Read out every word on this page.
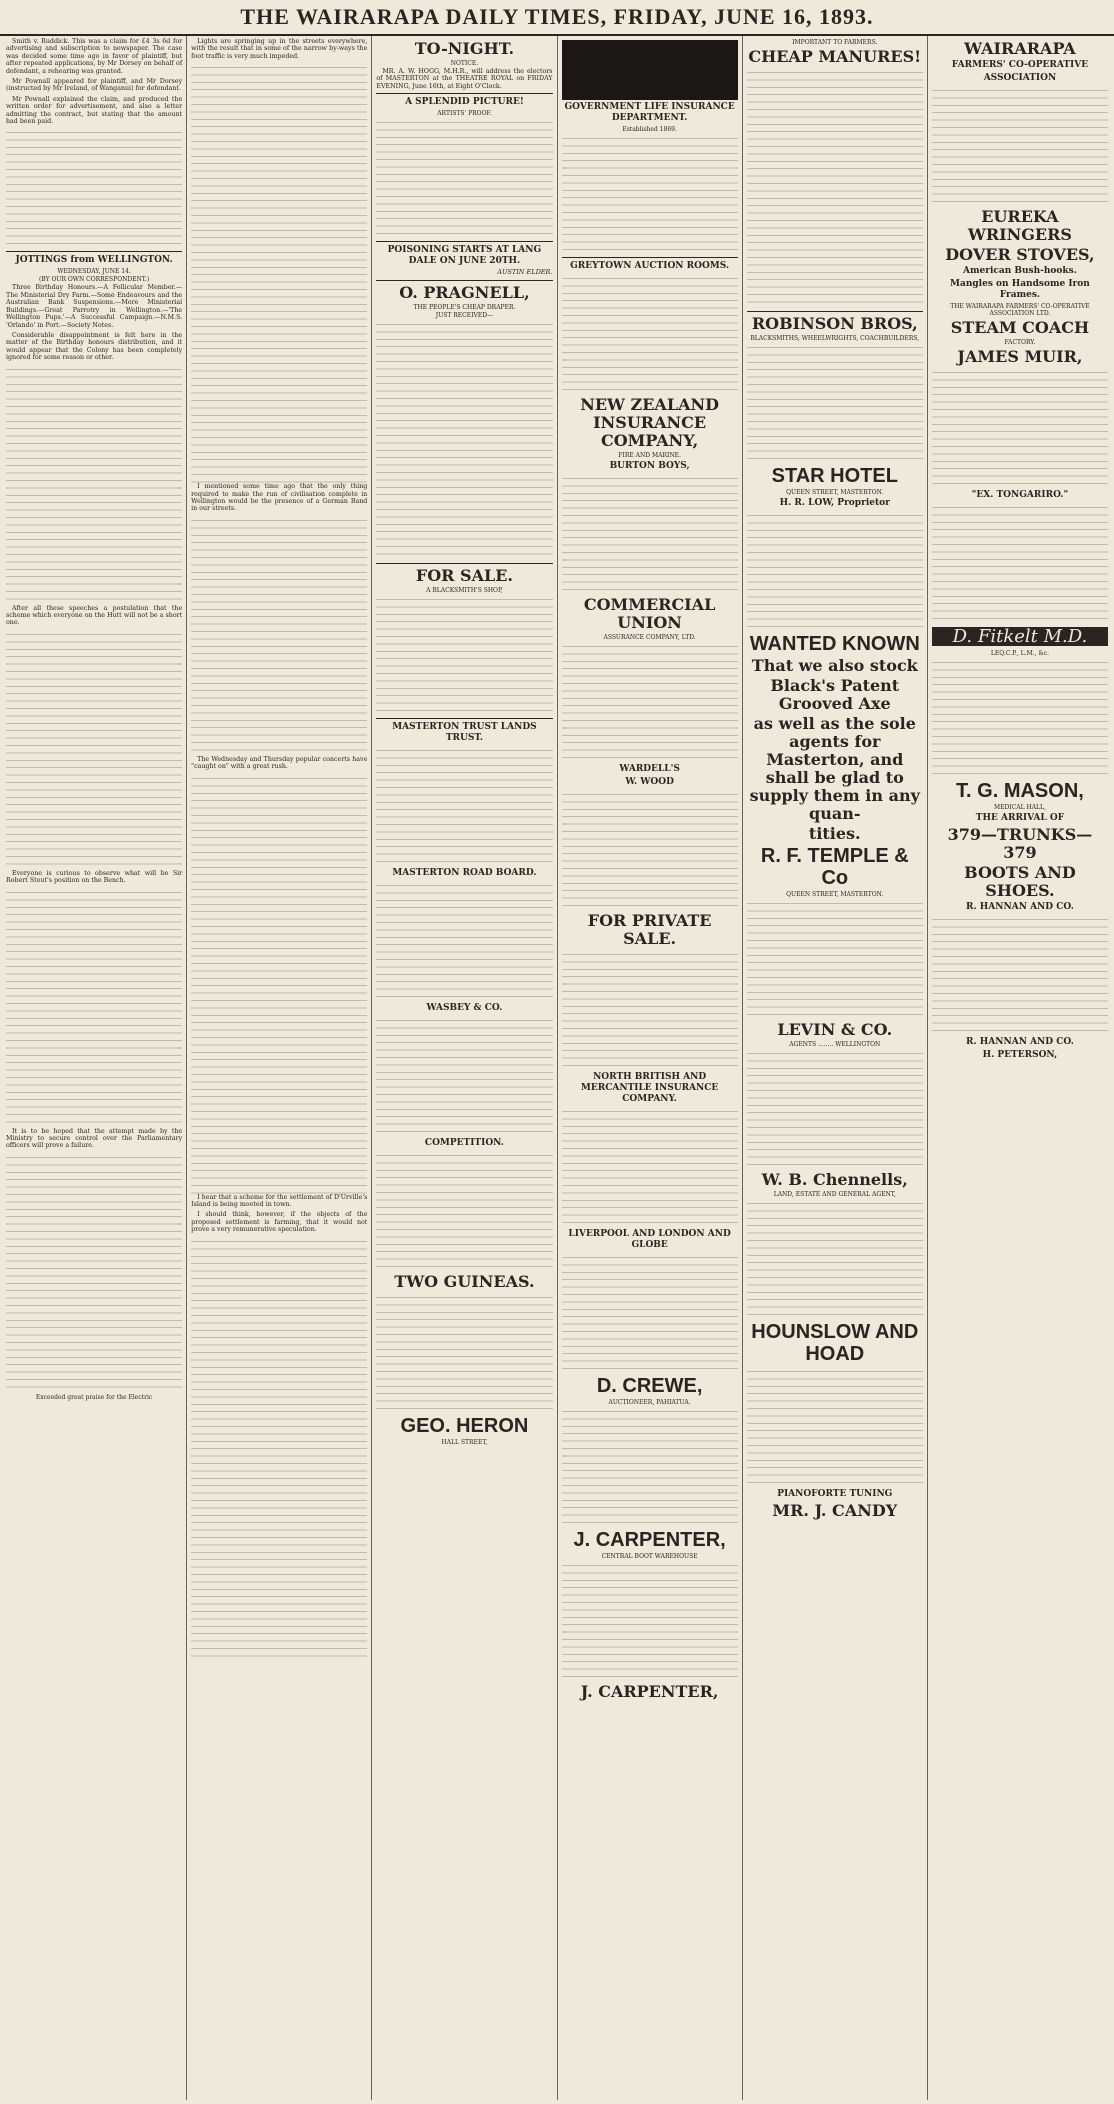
THE WAIRARAPA DAILY TIMES, FRIDAY, JUNE 16, 1893.

Smith v. Ruddick. This was a claim for £4 3s 6d for advertising and subscription to newspaper. The case was decided some time ago in favor of plaintiff, but after repeated applications, by Mr Dorsey on behalf of defendant, a rehearing was granted.

Mr Pownall appeared for plaintiff, and Mr Dorsey (instructed by Mr Ireland, of Wanganui) for defendant.

Mr Pownall explained the claim, and produced the written order for advertisement, and also a letter admitting the contract, but stating that the amount had been paid.

JOTTINGS from WELLINGTON.
WEDNESDAY, JUNE 14.
(BY OUR OWN CORRESPONDENT.)

Three Birthday Honours.—A Follicular Member.—The Ministerial Dry Farm.—Some Endeavours and the Australian Bank Suspensions.—More Ministerial Buildings.—Great Parrotry in Wellington.—'The Wellington Pups.'—A Successful Campaign.—N.M.S. 'Orlando' in Port.—Society Notes.

Considerable disappointment is felt here in the matter of the Birthday honours distribution, and it would appear that the Colony has been completely ignored for some reason or other.

After all these speeches a postulation that the scheme which everyone on the Hutt will not be a short one.

Everyone is curious to observe what will be Sir Robert Stout's position on the Bench.

It is to be hoped that the attempt made by the Ministry to secure control over the Parliamentary officers will prove a failure.

Exceeded great praise for the Electric

Lights are springing up in the streets everywhere, with the result that in some of the narrow by-ways the foot traffic is very much impeded.

I mentioned some time ago that the only thing required to make the run of civilisation complete in Wellington would be the presence of a German Band in our streets.

The Wednesday and Thursday popular concerts have "caught on" with a great rush.

I hear that a scheme for the settlement of D'Urville's Island is being mooted in town.

I should think, however, if the objects of the proposed settlement is farming, that it would not prove a very remunerative speculation.

TO-NIGHT.
NOTICE.

MR. A. W. HOGG, M.H.R., will address the electors of MASTERTON at the THEATRE ROYAL on FRIDAY EVENING, June 16th, at Eight O'Clock.

A SPLENDID PICTURE!
ARTISTS' PROOF.
POISONING STARTS AT LANG DALE ON JUNE 20TH.
AUSTIN ELDER.
O. PRAGNELL,
THE PEOPLE'S CHEAP DRAPER.
JUST RECEIVED—
FOR SALE.
A BLACKSMITH'S SHOP,
MASTERTON TRUST LANDS TRUST.
MASTERTON ROAD BOARD.
WASBEY & CO.
COMPETITION.
TWO GUINEAS.
GEO. HERON
HALL STREET,
GOVERNMENT LIFE INSURANCE DEPARTMENT.
Established 1869.
GREYTOWN AUCTION ROOMS.
NEW ZEALAND INSURANCE COMPANY,
FIRE AND MARINE.
BURTON BOYS,
COMMERCIAL UNION
ASSURANCE COMPANY, LTD.
WARDELL'S
W. WOOD
FOR PRIVATE SALE.
NORTH BRITISH AND MERCANTILE INSURANCE COMPANY.
LIVERPOOL AND LONDON AND GLOBE
D. CREWE,
AUCTIONEER, PAHIATUA.
J. CARPENTER,
CENTRAL BOOT WAREHOUSE
J. CARPENTER,
IMPORTANT TO FARMERS.
CHEAP MANURES!
ROBINSON BROS,
BLACKSMITHS, WHEELWRIGHTS, COACHBUILDERS,
STAR HOTEL
QUEEN STREET, MASTERTON.
H. R. LOW, Proprietor
WANTED KNOWN
That we also stock
Black's Patent Grooved Axe
as well as the sole agents for Masterton, and shall be glad to supply them in any quan-
tities.
R. F. TEMPLE & Co
QUEEN STREET, MASTERTON.
LEVIN & CO.
AGENTS ........ WELLINGTON
W. B. Chennells,
LAND, ESTATE AND GENERAL AGENT,
HOUNSLOW AND HOAD
PIANOFORTE TUNING
MR. J. CANDY
WAIRARAPA
FARMERS' CO-OPERATIVE
ASSOCIATION
EUREKA WRINGERS
DOVER STOVES,
American Bush-hooks.
Mangles on Handsome Iron Frames.
THE WAIRARAPA FARMERS' CO-OPERATIVE ASSOCIATION LTD.
STEAM COACH
FACTORY.
JAMES MUIR,
"EX. TONGARIRO."
D. Fitkelt M.D.
LEQ.C.P., L.M., &c.
T. G. MASON,
MEDICAL HALL,
THE ARRIVAL OF
379—TRUNKS—379
BOOTS AND SHOES.
R. HANNAN AND CO.
R. HANNAN AND CO.
H. PETERSON,
